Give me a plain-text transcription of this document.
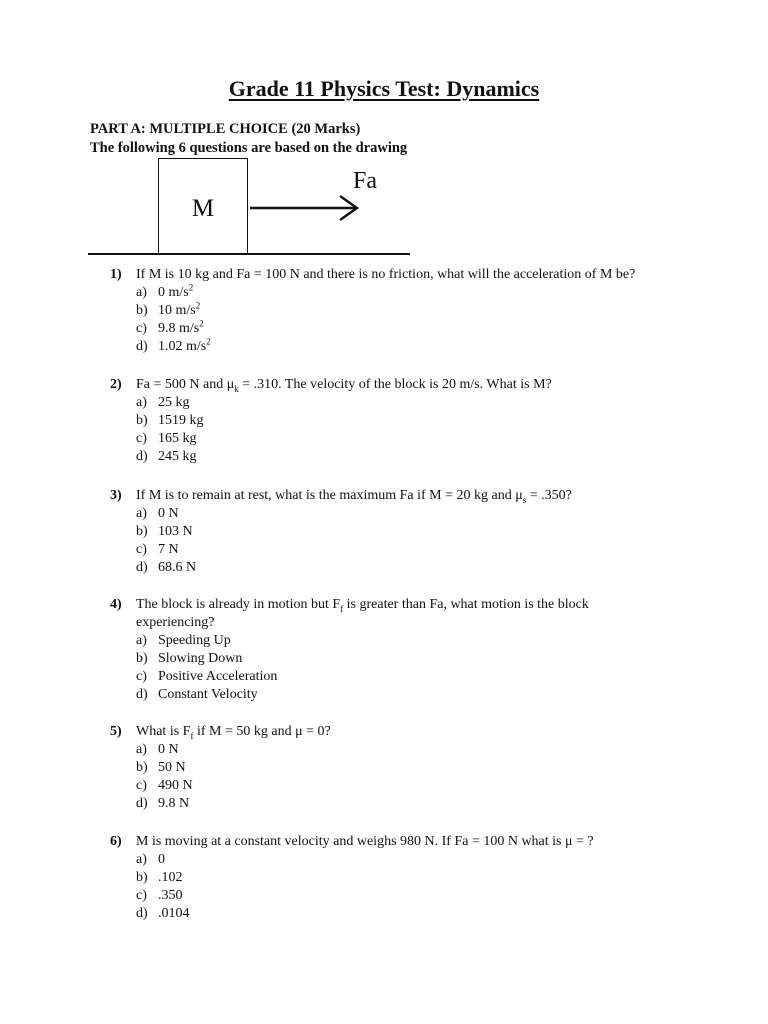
Grade 11 Physics Test: Dynamics
PART A: MULTIPLE CHOICE (20 Marks)
The following 6 questions are based on the drawing
M
Fa
1) If M is 10 kg and Fa = 100 N and there is no friction, what will the acceleration of M be?
a) 0 $m/s^2$
b) 10 $m/s^2$
c) 9.8 $m/s^2$
d) 1.02 $m/s^2$
2) Fa = 500 N and $\mu_k = .310$. The velocity of the block is 20 m/s. What is M?
a) 25 kg
b) 1519 kg
c) 165 kg
d) 245 kg
3) If M is to remain at rest, what is the maximum Fa if M = 20 kg and $\mu_s = .350$?
a) 0 N
b) 103 N
c) 7 N
d) 68.6 N
4) The block is already in motion but $F_f$ is greater than Fa, what motion is the block
experiencing?
a) Speeding Up
b) Slowing Down
c) Positive Acceleration
d) Constant Velocity
5) What is $F_f$ if M = 50 kg and μ = 0?
a) 0 N
b) 50 N
c) 490 N
d) 9.8 N
6) M is moving at a constant velocity and weighs 980 N. If Fa = 100 N what is μ = ?
a) 0
b) .102
c) .350
d) .0104
